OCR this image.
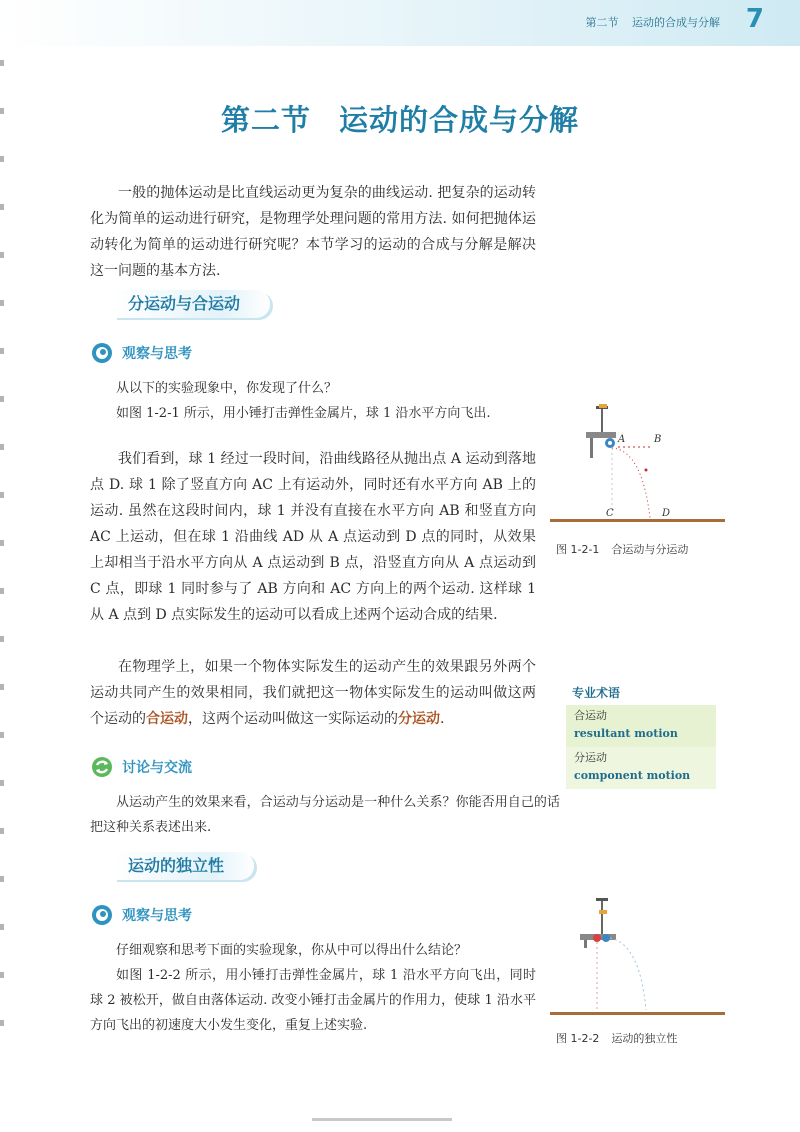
第二节 运动的合成与分解 7
第二节 运动的合成与分解

一般的抛体运动是比直线运动更为复杂的曲线运动. 把复杂的运动转化为简单的运动进行研究，是物理学处理问题的常用方法. 如何把抛体运动转化为简单的运动进行研究呢？本节学习的运动的合成与分解是解决这一问题的基本方法.

分运动与合运动
观察与思考

从以下的实验现象中，你发现了什么？

如图 1-2-1 所示，用小锤打击弹性金属片，球 1 沿水平方向飞出.

我们看到，球 1 经过一段时间，沿曲线路径从抛出点 A 运动到落地点 D. 球 1 除了竖直方向 AC 上有运动外，同时还有水平方向 AB 上的运动. 虽然在这段时间内，球 1 并没有直接在水平方向 AB 和竖直方向 AC 上运动，但在球 1 沿曲线 AD 从 A 点运动到 D 点的同时，从效果上却相当于沿水平方向从 A 点运动到 B 点，沿竖直方向从 A 点运动到 C 点，即球 1 同时参与了 AB 方向和 AC 方向上的两个运动. 这样球 1 从 A 点到 D 点实际发生的运动可以看成上述两个运动合成的结果.

在物理学上，如果一个物体实际发生的运动产生的效果跟另外两个运动共同产生的效果相同，我们就把这一物体实际发生的运动叫做这两个运动的合运动，这两个运动叫做这一实际运动的分运动.

讨论与交流

从运动产生的效果来看，合运动与分运动是一种什么关系？你能否用自己的话把这种关系表述出来.

运动的独立性
观察与思考

仔细观察和思考下面的实验现象，你从中可以得出什么结论？

如图 1-2-2 所示，用小锤打击弹性金属片，球 1 沿水平方向飞出，同时球 2 被松开，做自由落体运动. 改变小锤打击金属片的作用力，使球 1 沿水平方向飞出的初速度大小发生变化，重复上述实验.

A	B
C	D
图 1-2-1 合运动与分运动
专业术语
合运动
resultant motion
分运动
component motion
图 1-2-2 运动的独立性
